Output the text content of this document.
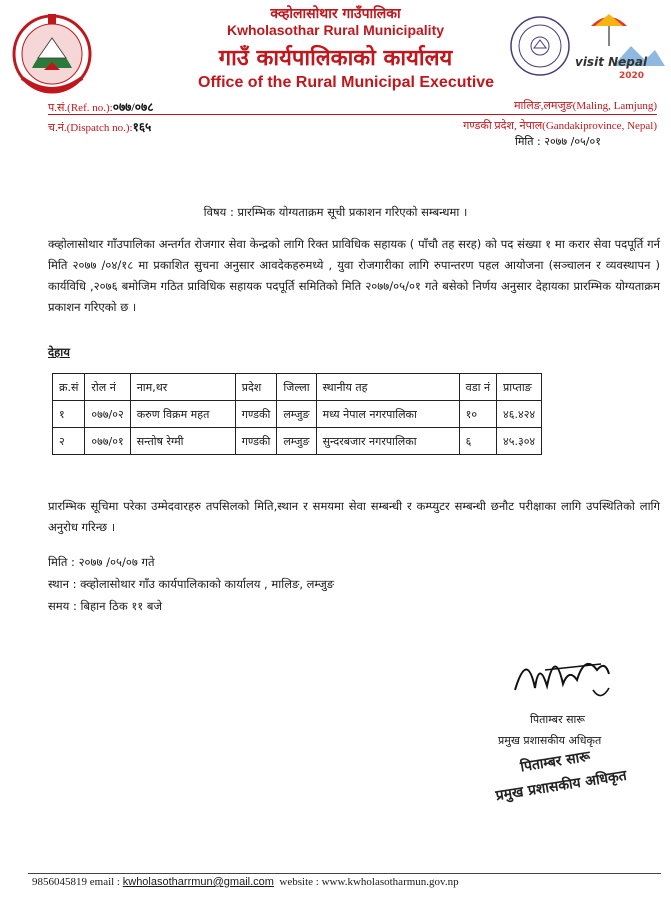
क्व्होलासोथार गाउँपालिका
Kwholasothar Rural Municipality
गाउँ कार्यपालिकाको कार्यालय
Office of the Rural Municipal Executive
visit Nepal
2020
प.सं.(Ref. no.):०७७/०७८
च.नं.(Dispatch no.):१६५
मालिङ,लमजुङ(Maling, Lamjung)
गण्डकी प्रदेश, नेपाल(Gandakiprovince, Nepal)
मिति : २०७७ /०५/०१
विषय : प्रारम्भिक योग्यताक्रम सूची प्रकाशन गरिएको सम्बन्धमा ।
क्व्होलासोथार गाँउपालिका अन्तर्गत रोजगार सेवा केन्द्रको लागि रिक्त प्राविधिक सहायक ( पाँचौ तह सरह) को पद संख्या १ मा करार सेवा पदपूर्ति गर्न मिति २०७७ /०४/१८ मा प्रकाशित सुचना अनुसार आवदेकहरुमध्ये , युवा रोजगारीका लागि रुपान्तरण पहल आयोजना (सञ्चालन र व्यवस्थापन ) कार्यविधि ,२०७६ बमोजिम गठित प्राविधिक सहायक पदपूर्ति समितिको मिति २०७७/०५/०१ गते बसेको निर्णय अनुसार देहायका प्रारम्भिक योग्यताक्रम प्रकाशन गरिएको छ ।
देहाय
क्र.सं	रोल नं	नाम,थर	प्रदेश	जिल्ला	स्थानीय तह	वडा नं	प्राप्ताङ
१	०७७/०२	करुण विक्रम महत	गण्डकी	लम्जुङ	मध्य नेपाल नगरपालिका	१०	४६.४२४
२	०७७/०१	सन्तोष रेग्मी	गण्डकी	लम्जुङ	सुन्दरबजार नगरपालिका	६	४५.३०४
प्रारम्भिक सूचिमा परेका उम्मेदवारहरु तपसिलको मिति,स्थान र समयमा सेवा सम्बन्धी र कम्प्युटर सम्बन्धी छनौट परीक्षाका लागि उपस्थितिको लागि अनुरोध गरिन्छ ।
मिति : २०७७ /०५/०७ गते
स्थान : क्व्होलासोथार गाँउ कार्यपालिकाको कार्यालय , मालिङ, लम्जुङ
समय : बिहान ठिक ११ बजे
पिताम्बर सारू
प्रमुख प्रशासकीय अधिकृत
पिताम्बर सारू
प्रमुख प्रशासकीय अधिकृत
9856045819 email : kwholasotharrmun@gmail.com website : www.kwholasotharmun.gov.np
